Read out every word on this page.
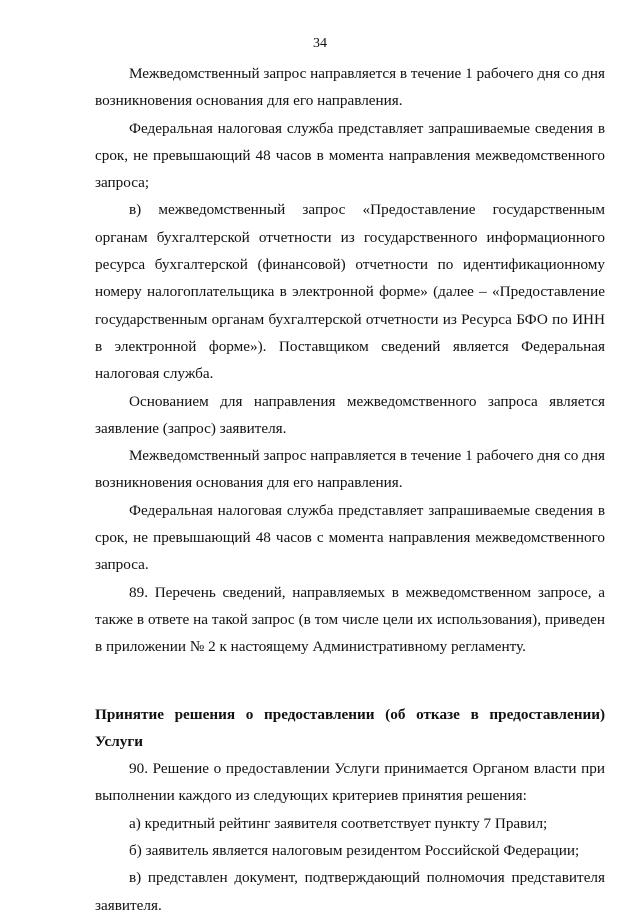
34

Межведомственный запрос направляется в течение 1 рабочего дня со дня возникновения основания для его направления.

Федеральная налоговая служба представляет запрашиваемые сведения в срок, не превышающий 48 часов в момента направления межведомственного запроса;

в) межведомственный запрос «Предоставление государственным органам бухгалтерской отчетности из государственного информационного ресурса бухгалтерской (финансовой) отчетности по идентификационному номеру налогоплательщика в электронной форме» (далее – «Предоставление государственным органам бухгалтерской отчетности из Ресурса БФО по ИНН в электронной форме»). Поставщиком сведений является Федеральная налоговая служба.

Основанием для направления межведомственного запроса является заявление (запрос) заявителя.

Межведомственный запрос направляется в течение 1 рабочего дня со дня возникновения основания для его направления.

Федеральная налоговая служба представляет запрашиваемые сведения в срок, не превышающий 48 часов с момента направления межведомственного запроса.

89. Перечень сведений, направляемых в межведомственном запросе, а также в ответе на такой запрос (в том числе цели их использования), приведен в приложении № 2 к настоящему Административному регламенту.

Принятие решения о предоставлении (об отказе в предоставлении) Услуги

90. Решение о предоставлении Услуги принимается Органом власти при выполнении каждого из следующих критериев принятия решения:

а) кредитный рейтинг заявителя соответствует пункту 7 Правил;

б) заявитель является налоговым резидентом Российской Федерации;

в) представлен документ, подтверждающий полномочия представителя заявителя.
